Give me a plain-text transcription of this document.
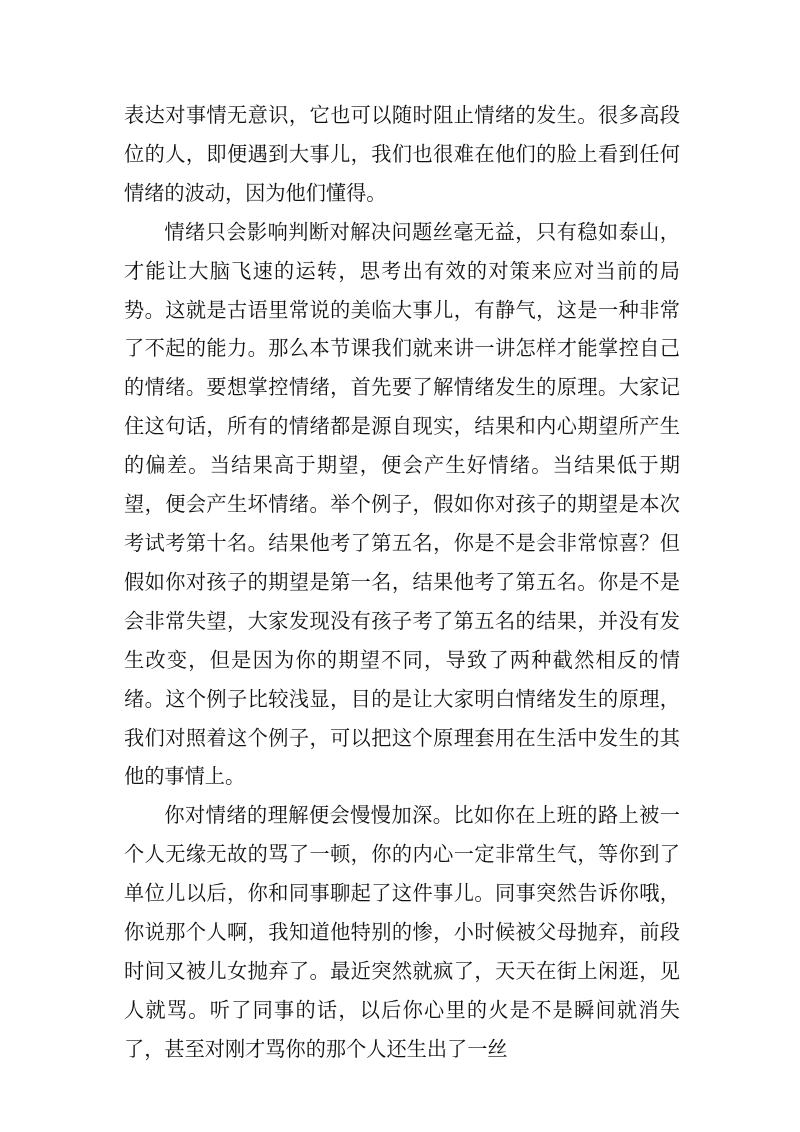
表达对事情无意识，它也可以随时阻止情绪的发生。很多高段位的人，即便遇到大事儿，我们也很难在他们的脸上看到任何情绪的波动，因为他们懂得。

情绪只会影响判断对解决问题丝毫无益，只有稳如泰山，才能让大脑飞速的运转，思考出有效的对策来应对当前的局势。这就是古语里常说的美临大事儿，有静气，这是一种非常了不起的能力。那么本节课我们就来讲一讲怎样才能掌控自己的情绪。要想掌控情绪，首先要了解情绪发生的原理。大家记住这句话，所有的情绪都是源自现实，结果和内心期望所产生的偏差。当结果高于期望，便会产生好情绪。当结果低于期望，便会产生坏情绪。举个例子，假如你对孩子的期望是本次考试考第十名。结果他考了第五名，你是不是会非常惊喜？但假如你对孩子的期望是第一名，结果他考了第五名。你是不是会非常失望，大家发现没有孩子考了第五名的结果，并没有发生改变，但是因为你的期望不同，导致了两种截然相反的情绪。这个例子比较浅显，目的是让大家明白情绪发生的原理，我们对照着这个例子，可以把这个原理套用在生活中发生的其他的事情上。

你对情绪的理解便会慢慢加深。比如你在上班的路上被一个人无缘无故的骂了一顿，你的内心一定非常生气，等你到了单位儿以后，你和同事聊起了这件事儿。同事突然告诉你哦，你说那个人啊，我知道他特别的惨，小时候被父母抛弃，前段时间又被儿女抛弃了。最近突然就疯了，天天在街上闲逛，见人就骂。听了同事的话，以后你心里的火是不是瞬间就消失了，甚至对刚才骂你的那个人还生出了一丝
